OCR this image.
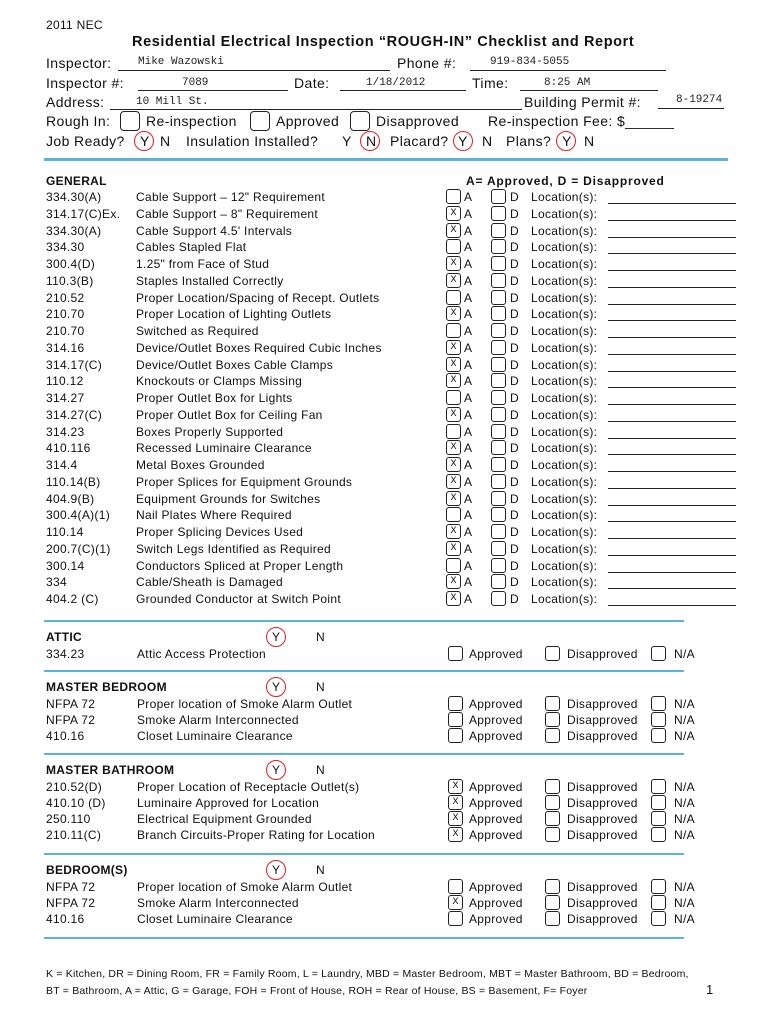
2011 NEC
Residential Electrical Inspection “ROUGH-IN” Checklist and Report
Inspector: Mike Wazowski	Phone #:	919-834-5055
Inspector #:	7089	Date:	1/18/2012	Time:	8:25 AM
Address:	10 Mill St.	Building Permit #:	8-19274
Rough In:	Re-inspection	Approved	Disapproved Re-inspection Fee: $______
Job Ready? Y N Insulation Installed? Y N Placard? Y N Plans? Y N
GENERAL	A= Approved, D = Disapproved
334.30(A)	Cable Support – 12" Requirement	A	D Location(s):
314.17(C)Ex. Cable Support – 8" Requirement	X A	D Location(s):
334.30(A)	Cable Support 4.5' Intervals	X A	D Location(s):
334.30	Cables Stapled Flat	A	D Location(s):
300.4(D)	1.25" from Face of Stud	X A	D Location(s):
110.3(B)	Staples Installed Correctly	X A	D Location(s):
210.52	Proper Location/Spacing of Recept. Outlets	A	D Location(s):
210.70	Proper Location of Lighting Outlets	X A	D Location(s):
210.70	Switched as Required	A	D Location(s):
314.16	Device/Outlet Boxes Required Cubic Inches	X A	D Location(s):
314.17(C)	Device/Outlet Boxes Cable Clamps	X A	D Location(s):
110.12	Knockouts or Clamps Missing	X A	D Location(s):
314.27	Proper Outlet Box for Lights	A	D Location(s):
314.27(C)	Proper Outlet Box for Ceiling Fan	X A	D Location(s):
314.23	Boxes Properly Supported	A	D Location(s):
410.116	Recessed Luminaire Clearance	X A	D Location(s):
314.4	Metal Boxes Grounded	X A	D Location(s):
110.14(B)	Proper Splices for Equipment Grounds	X A	D Location(s):
404.9(B)	Equipment Grounds for Switches	X A	D Location(s):
300.4(A)(1) Nail Plates Where Required	A	D Location(s):
110.14	Proper Splicing Devices Used	X A	D Location(s):
200.7(C)(1) Switch Legs Identified as Required	X A	D Location(s):
300.14	Conductors Spliced at Proper Length	A	D Location(s):
334	Cable/Sheath is Damaged	X A	D Location(s):
404.2 (C)	Grounded Conductor at Switch Point	X A	D Location(s):
ATTIC	Y	N
334.23	Attic Access Protection	Approved	Disapproved	N/A
MASTER BEDROOM	Y	N
NFPA 72	Proper location of Smoke Alarm Outlet	Approved	Disapproved	N/A
NFPA 72	Smoke Alarm Interconnected	Approved	Disapproved	N/A
410.16	Closet Luminaire Clearance	Approved	Disapproved	N/A
MASTER BATHROOM	Y	N
210.52(D)	Proper Location of Receptacle Outlet(s)	X Approved	Disapproved	N/A
410.10 (D)	Luminaire Approved for Location	X Approved	Disapproved	N/A
250.110	Electrical Equipment Grounded	X Approved	Disapproved	N/A
210.11(C)	Branch Circuits-Proper Rating for Location	X Approved	Disapproved	N/A
BEDROOM(S)	Y	N
NFPA 72	Proper location of Smoke Alarm Outlet	Approved	Disapproved	N/A
NFPA 72	Smoke Alarm Interconnected	X Approved	Disapproved	N/A
410.16	Closet Luminaire Clearance	Approved	Disapproved	N/A
K = Kitchen, DR = Dining Room, FR = Family Room, L = Laundry, MBD = Master Bedroom, MBT = Master Bathroom, BD = Bedroom,
BT = Bathroom, A = Attic, G = Garage, FOH = Front of House, ROH = Rear of House, BS = Basement, F= Foyer	1
